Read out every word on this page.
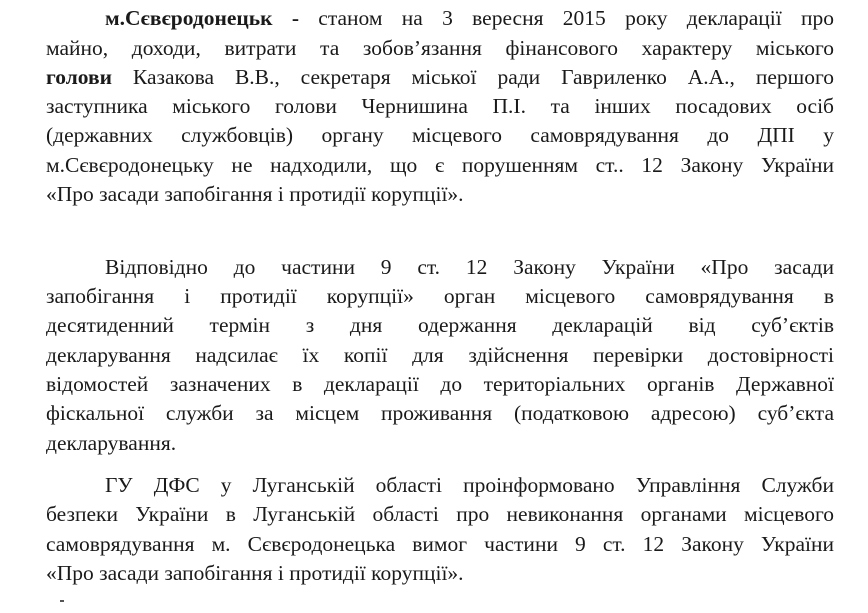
м.Сєвєродонецьк - станом на 3 вересня 2015 року декларації про
майно, доходи, витрати та зобов’язання фінансового характеру міського
голови Казакова В.В., секретаря міської ради Гавриленко А.А., першого
заступника міського голови Чернишина П.І. та інших посадових осіб
(державних службовців) органу місцевого самоврядування до ДПІ у
м.Сєвєродонецьку не надходили, що є порушенням ст.. 12 Закону України
«Про засади запобігання і протидії корупції».
Відповідно до частини 9 ст. 12 Закону України «Про засади
запобігання і протидії корупції» орган місцевого самоврядування в
десятиденний термін з дня одержання декларацій від суб’єктів
декларування надсилає їх копії для здійснення перевірки достовірності
відомостей зазначених в декларації до територіальних органів Державної
фіскальної служби за місцем проживання (податковою адресою) суб’єкта
декларування.
ГУ ДФС у Луганській області проінформовано Управління Служби
безпеки України в Луганській області про невиконання органами місцевого
самоврядування м. Сєвєродонецька вимог частини 9 ст. 12 Закону України
«Про засади запобігання і протидії корупції».
